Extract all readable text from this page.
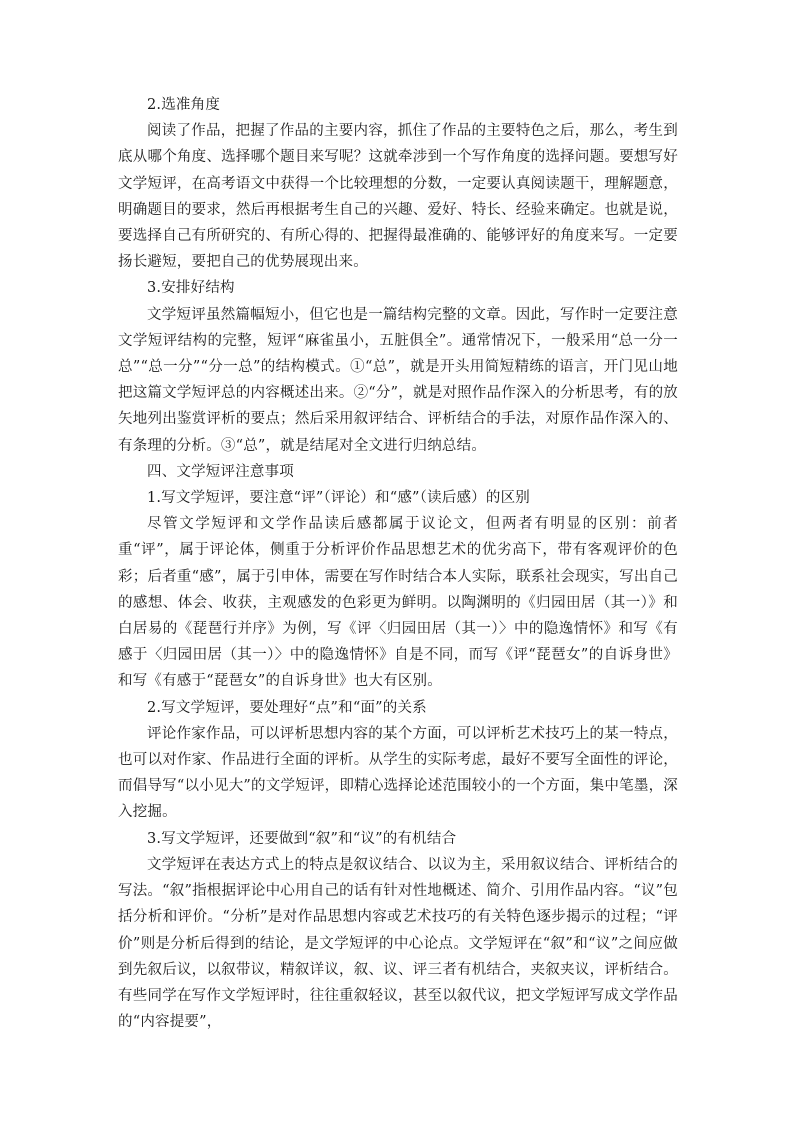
2.选准角度

阅读了作品，把握了作品的主要内容，抓住了作品的主要特色之后，那么，考生到底从哪个角度、选择哪个题目来写呢？这就牵涉到一个写作角度的选择问题。要想写好文学短评，在高考语文中获得一个比较理想的分数，一定要认真阅读题干，理解题意，明确题目的要求，然后再根据考生自己的兴趣、爱好、特长、经验来确定。也就是说，要选择自己有所研究的、有所心得的、把握得最准确的、能够评好的角度来写。一定要扬长避短，要把自己的优势展现出来。

3.安排好结构

文学短评虽然篇幅短小，但它也是一篇结构完整的文章。因此，写作时一定要注意文学短评结构的完整，短评“麻雀虽小，五脏俱全”。通常情况下，一般采用“总一分一总”“总一分”“分一总”的结构模式。①“总”，就是开头用简短精练的语言，开门见山地把这篇文学短评总的内容概述出来。②“分”，就是对照作品作深入的分析思考，有的放矢地列出鉴赏评析的要点；然后采用叙评结合、评析结合的手法，对原作品作深入的、有条理的分析。③“总”，就是结尾对全文进行归纳总结。

四、文学短评注意事项
1.写文学短评，要注意“评”（评论）和“感”（读后感）的区别

尽管文学短评和文学作品读后感都属于议论文，但两者有明显的区别：前者重“评”，属于评论体，侧重于分析评价作品思想艺术的优劣高下，带有客观评价的色彩；后者重“感”，属于引申体，需要在写作时结合本人实际，联系社会现实，写出自己的感想、体会、收获，主观感发的色彩更为鲜明。以陶渊明的《归园田居（其一）》和白居易的《琵琶行并序》为例，写《评〈归园田居（其一）〉中的隐逸情怀》和写《有感于〈归园田居（其一）〉中的隐逸情怀》自是不同，而写《评“琵琶女”的自诉身世》和写《有感于“琵琶女”的自诉身世》也大有区别。

2.写文学短评，要处理好“点”和“面”的关系

评论作家作品，可以评析思想内容的某个方面，可以评析艺术技巧上的某一特点，也可以对作家、作品进行全面的评析。从学生的实际考虑，最好不要写全面性的评论，而倡导写“以小见大”的文学短评，即精心选择论述范围较小的一个方面，集中笔墨，深入挖掘。

3.写文学短评，还要做到“叙”和“议”的有机结合

文学短评在表达方式上的特点是叙议结合、以议为主，采用叙议结合、评析结合的写法。“叙”指根据评论中心用自己的话有针对性地概述、简介、引用作品内容。“议”包括分析和评价。“分析”是对作品思想内容或艺术技巧的有关特色逐步揭示的过程；“评价”则是分析后得到的结论，是文学短评的中心论点。文学短评在“叙”和“议”之间应做到先叙后议，以叙带议，精叙详议，叙、议、评三者有机结合，夹叙夹议，评析结合。有些同学在写作文学短评时，往往重叙轻议，甚至以叙代议，把文学短评写成文学作品的“内容提要”，
